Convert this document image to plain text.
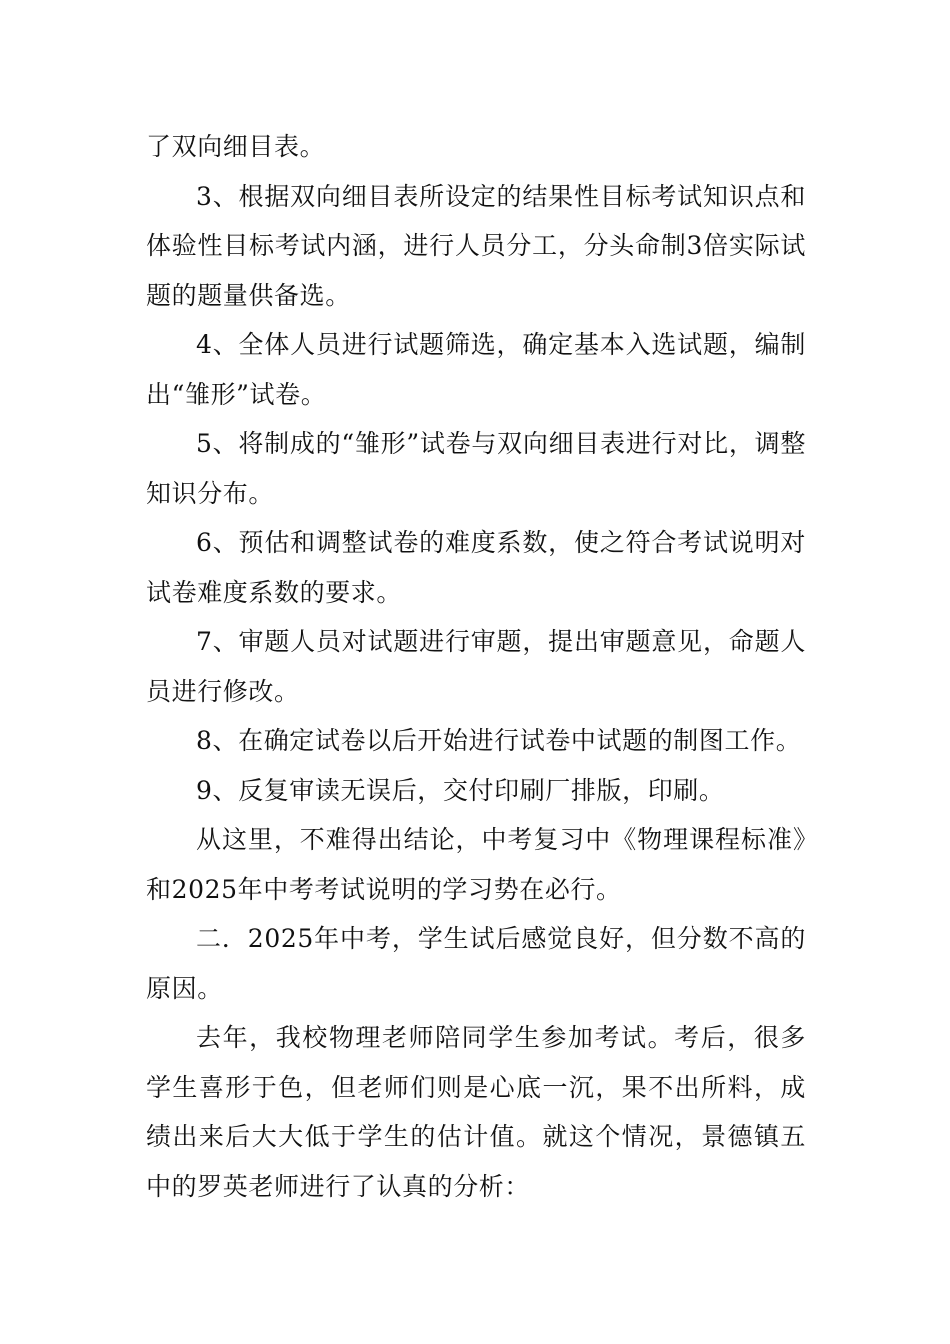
了双向细目表。

3、根据双向细目表所设定的结果性目标考试知识点和体验性目标考试内涵，进行人员分工，分头命制3倍实际试题的题量供备选。

4、全体人员进行试题筛选，确定基本入选试题，编制出“雏形”试卷。

5、将制成的“雏形”试卷与双向细目表进行对比，调整知识分布。

6、预估和调整试卷的难度系数，使之符合考试说明对试卷难度系数的要求。

7、审题人员对试题进行审题，提出审题意见，命题人员进行修改。

8、在确定试卷以后开始进行试卷中试题的制图工作。

9、反复审读无误后，交付印刷厂排版，印刷。

从这里，不难得出结论，中考复习中《物理课程标准》和2025年中考考试说明的学习势在必行。

二．2025年中考，学生试后感觉良好，但分数不高的原因。

去年，我校物理老师陪同学生参加考试。考后，很多学生喜形于色，但老师们则是心底一沉，果不出所料，成绩出来后大大低于学生的估计值。就这个情况，景德镇五中的罗英老师进行了认真的分析：
